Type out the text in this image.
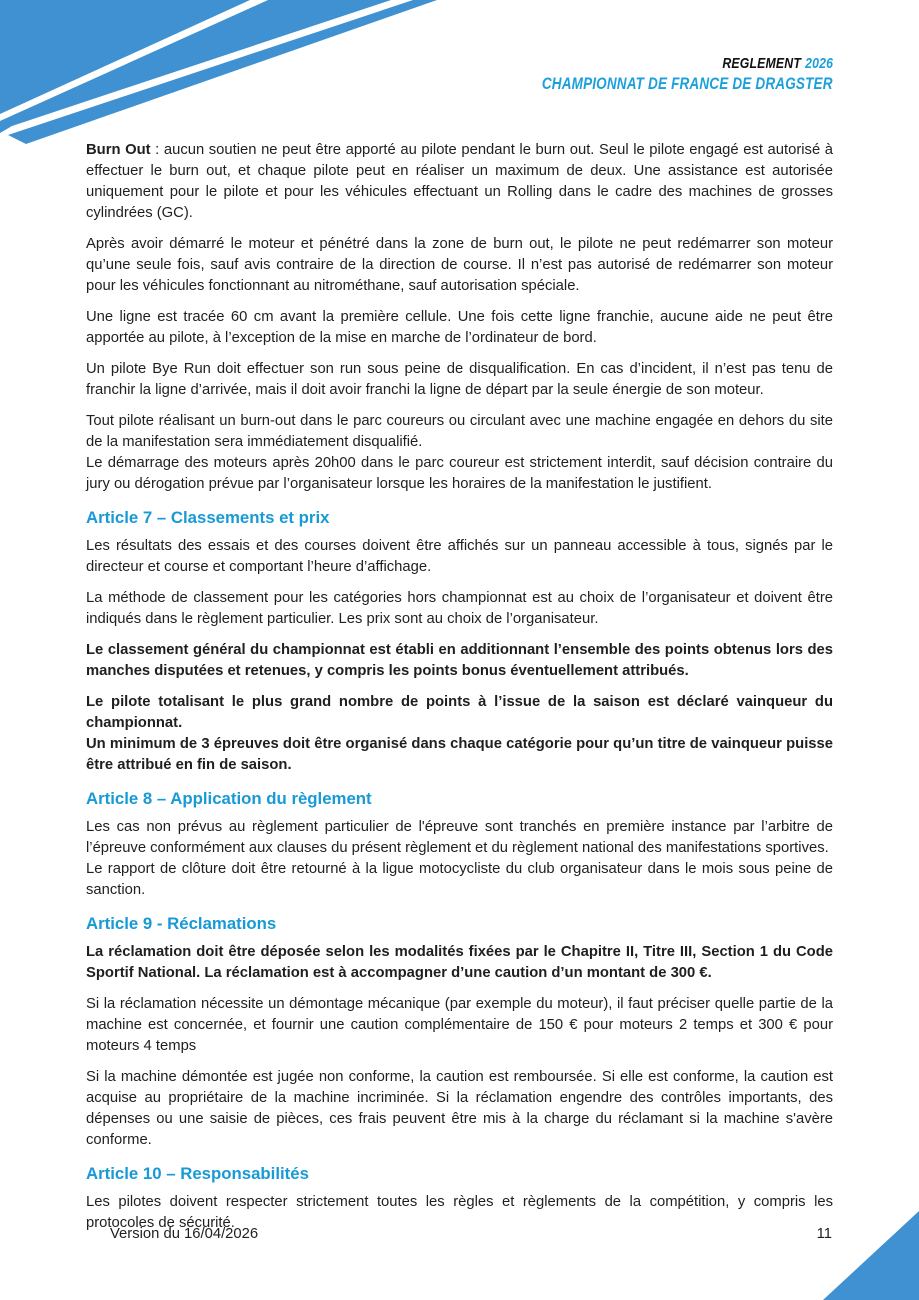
REGLEMENT 2026
CHAMPIONNAT DE FRANCE DE DRAGSTER

Burn Out : aucun soutien ne peut être apporté au pilote pendant le burn out. Seul le pilote engagé est autorisé à effectuer le burn out, et chaque pilote peut en réaliser un maximum de deux. Une assistance est autorisée uniquement pour le pilote et pour les véhicules effectuant un Rolling dans le cadre des machines de grosses cylindrées (GC).

Après avoir démarré le moteur et pénétré dans la zone de burn out, le pilote ne peut redémarrer son moteur qu’une seule fois, sauf avis contraire de la direction de course. Il n’est pas autorisé de redémarrer son moteur pour les véhicules fonctionnant au nitrométhane, sauf autorisation spéciale.

Une ligne est tracée 60 cm avant la première cellule. Une fois cette ligne franchie, aucune aide ne peut être apportée au pilote, à l’exception de la mise en marche de l’ordinateur de bord.

Un pilote Bye Run doit effectuer son run sous peine de disqualification. En cas d’incident, il n’est pas tenu de franchir la ligne d’arrivée, mais il doit avoir franchi la ligne de départ par la seule énergie de son moteur.

Tout pilote réalisant un burn-out dans le parc coureurs ou circulant avec une machine engagée en dehors du site de la manifestation sera immédiatement disqualifié.
Le démarrage des moteurs après 20h00 dans le parc coureur est strictement interdit, sauf décision contraire du jury ou dérogation prévue par l’organisateur lorsque les horaires de la manifestation le justifient.

Article 7 – Classements et prix

Les résultats des essais et des courses doivent être affichés sur un panneau accessible à tous, signés par le directeur et course et comportant l’heure d’affichage.

La méthode de classement pour les catégories hors championnat est au choix de l’organisateur et doivent être indiqués dans le règlement particulier. Les prix sont au choix de l’organisateur.

Le classement général du championnat est établi en additionnant l’ensemble des points obtenus lors des manches disputées et retenues, y compris les points bonus éventuellement attribués.

Le pilote totalisant le plus grand nombre de points à l’issue de la saison est déclaré vainqueur du championnat.
Un minimum de 3 épreuves doit être organisé dans chaque catégorie pour qu’un titre de vainqueur puisse être attribué en fin de saison.

Article 8 – Application du règlement

Les cas non prévus au règlement particulier de l'épreuve sont tranchés en première instance par l’arbitre de l’épreuve conformément aux clauses du présent règlement et du règlement national des manifestations sportives.
Le rapport de clôture doit être retourné à la ligue motocycliste du club organisateur dans le mois sous peine de sanction.

Article 9 - Réclamations

La réclamation doit être déposée selon les modalités fixées par le Chapitre II, Titre III, Section 1 du Code Sportif National. La réclamation est à accompagner d’une caution d’un montant de 300 €.

Si la réclamation nécessite un démontage mécanique (par exemple du moteur), il faut préciser quelle partie de la machine est concernée, et fournir une caution complémentaire de 150 € pour moteurs 2 temps et 300 € pour moteurs 4 temps

Si la machine démontée est jugée non conforme, la caution est remboursée. Si elle est conforme, la caution est acquise au propriétaire de la machine incriminée. Si la réclamation engendre des contrôles importants, des dépenses ou une saisie de pièces, ces frais peuvent être mis à la charge du réclamant si la machine s'avère conforme.

Article 10 – Responsabilités

Les pilotes doivent respecter strictement toutes les règles et règlements de la compétition, y compris les protocoles de sécurité.

Version du 16/04/2026	11
